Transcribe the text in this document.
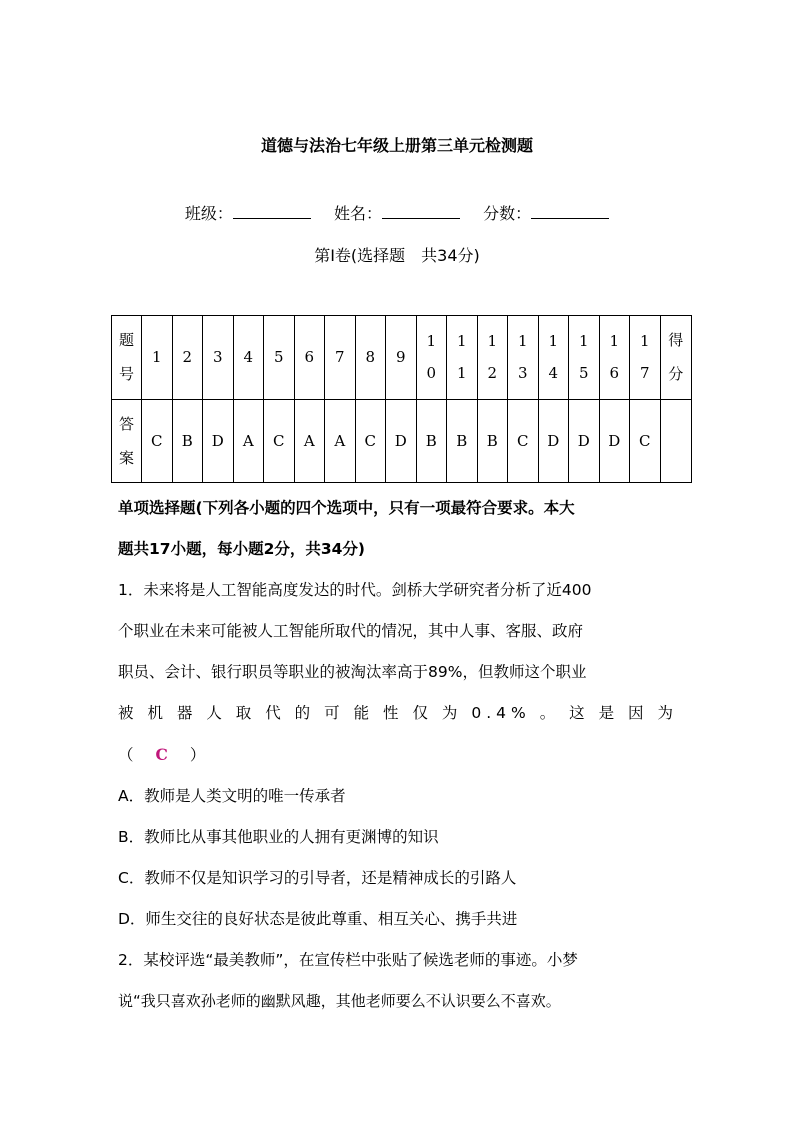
道德与法治七年级上册第三单元检测题
班级：	姓名：	分数：
第Ⅰ卷(选择题　共34分)
题号	1	2	3	4	5	6	7	8	9	10	11	12	13	14	15	16	17	得分
答案	C	B	D	A	C	A	A	C	D	B	B	B	C	D	D	D	C	

单项选择题(下列各小题的四个选项中，只有一项最符合要求。本大

题共17小题，每小题2分，共34分)

1．未来将是人工智能高度发达的时代。剑桥大学研究者分析了近400

个职业在未来可能被人工智能所取代的情况，其中人事、客服、政府

职员、会计、银行职员等职业的被淘汰率高于89%，但教师这个职业

被机器人取代的可能性仅为0.4%。这是因为

（ C ）

A．教师是人类文明的唯一传承者

B．教师比从事其他职业的人拥有更渊博的知识

C．教师不仅是知识学习的引导者，还是精神成长的引路人

D．师生交往的良好状态是彼此尊重、相互关心、携手共进

2．某校评选“最美教师”，在宣传栏中张贴了候选老师的事迹。小梦

说“我只喜欢孙老师的幽默风趣，其他老师要么不认识要么不喜欢。
